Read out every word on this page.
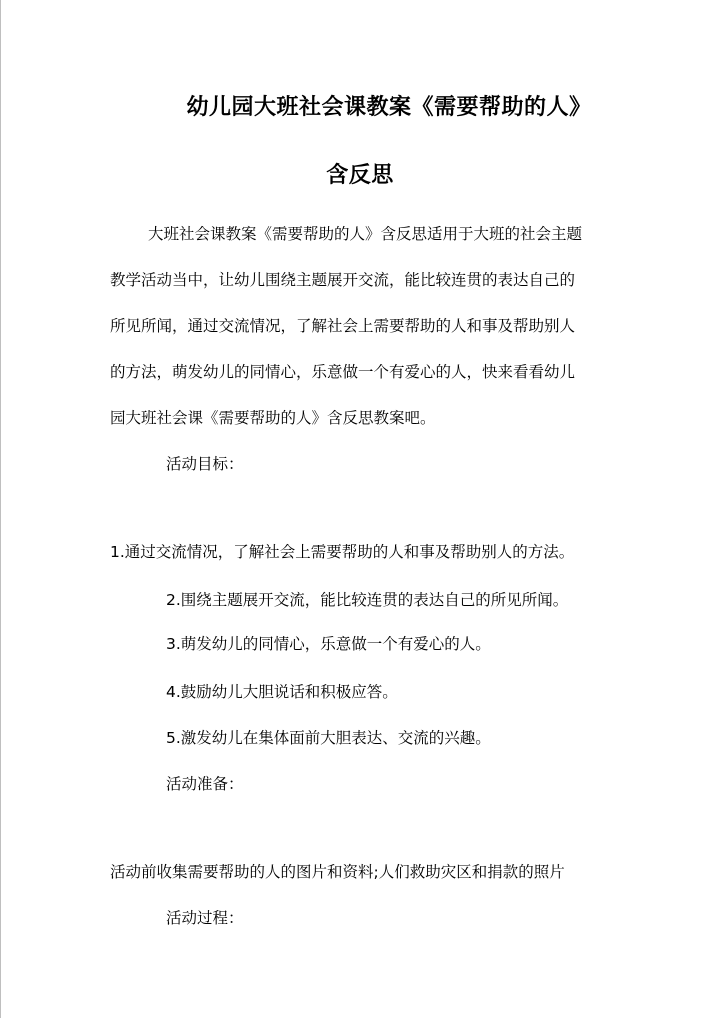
幼儿园大班社会课教案《需要帮助的人》
含反思
大班社会课教案《需要帮助的人》含反思适用于大班的社会主题
教学活动当中，让幼儿围绕主题展开交流，能比较连贯的表达自己的
所见所闻，通过交流情况，了解社会上需要帮助的人和事及帮助别人
的方法，萌发幼儿的同情心，乐意做一个有爱心的人，快来看看幼儿
园大班社会课《需要帮助的人》含反思教案吧。
活动目标：
1.通过交流情况，了解社会上需要帮助的人和事及帮助别人的方法。
2.围绕主题展开交流，能比较连贯的表达自己的所见所闻。
3.萌发幼儿的同情心，乐意做一个有爱心的人。
4.鼓励幼儿大胆说话和积极应答。
5.激发幼儿在集体面前大胆表达、交流的兴趣。
活动准备：
活动前收集需要帮助的人的图片和资料;人们救助灾区和捐款的照片
活动过程：
